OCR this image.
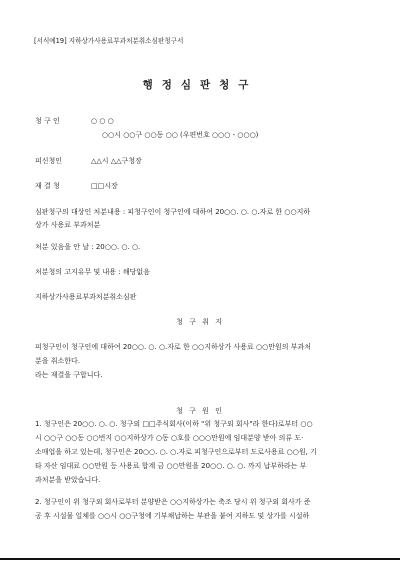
[서식예19] 지하상가사용료부과처분취소심판청구서
행정심판청구
청 구 인	○ ○ ○
○○시 ○○구 ○○동 ○○ (우편번호 ○○○ - ○○○)
피신청인	△△시 △△구청장
재 결 청	□□시장
심판청구의 대상인 처분내용 : 피청구인이 청구인에 대하여 20○○. ○. ○.자로 한 ○○지하
상가 사용료 부과처분
처분 있음을 안 날 : 20○○. ○. ○.
처분청의 고지유무 및 내용 : 해당없음
지하상가사용료부과처분취소심판
청 구 취 지
피청구인이 청구인에 대하여 20○○. ○. ○.자로 한 ○○지하상가 사용료 ○○만원의 부과처
분을 취소한다.
라는 재결을 구합니다.
청 구 원 인
1. 청구인은 20○○. ○. ○. 청구외 □□주식회사(이하 "위 청구외 회사"라 한다)로부터 ○○
시 ○○구 ○○동 ○○번지 ○○지하상가 ○동 ○호를 ○○○만원에 임대분양 받아 의류 도·
소매업을 하고 있는데, 청구인은 20○○. ○. ○.자로 피청구인으로부터 도로사용료 ○○원, 기
타 자산 임대료 ○○만원 등 사용료 합계 금 ○○만원을 20○○. ○. ○. 까지 납부하라는 부
과처분을 받았습니다.
2. 청구인이 위 청구외 회사로부터 분양받은 ○○지하상가는 축조 당시 위 청구외 회사가 준
공 후 시설물 일체를 ○○시 ○○구청에 기부채납하는 부관을 붙여 지하도 및 상가를 시설하
